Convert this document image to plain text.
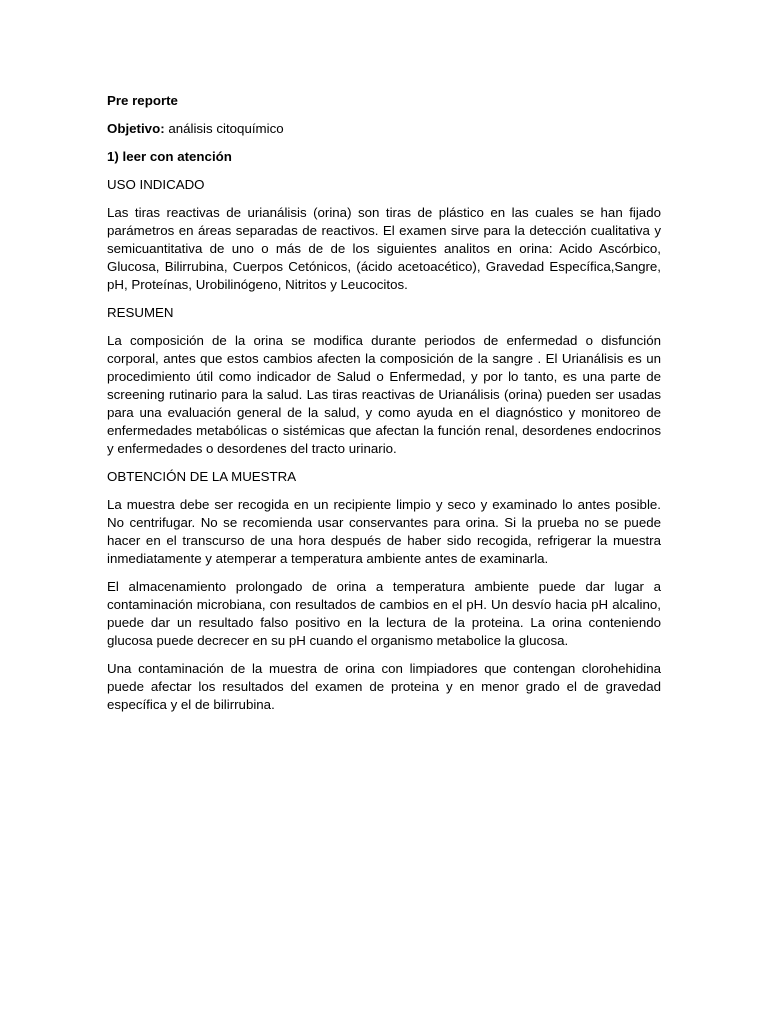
Pre reporte
Objetivo: análisis citoquímico
1) leer con atención
USO INDICADO

Las tiras reactivas de urianálisis (orina) son tiras de plástico en las cuales se han fijado parámetros en áreas separadas de reactivos. El examen sirve para la detección cualitativa y semicuantitativa de uno o más de de los siguientes analitos en orina: Acido Ascórbico, Glucosa, Bilirrubina, Cuerpos Cetónicos, (ácido acetoacético), Gravedad Específica,Sangre, pH, Proteínas, Urobilinógeno, Nitritos y Leucocitos.

RESUMEN

La composición de la orina se modifica durante periodos de enfermedad o disfunción corporal, antes que estos cambios afecten la composición de la sangre . El Urianálisis es un procedimiento útil como indicador de Salud o Enfermedad, y por lo tanto, es una parte de screening rutinario para la salud. Las tiras reactivas de Urianálisis (orina) pueden ser usadas para una evaluación general de la salud, y como ayuda en el diagnóstico y monitoreo de enfermedades metabólicas o sistémicas que afectan la función renal, desordenes endocrinos y enfermedades o desordenes del tracto urinario.

OBTENCIÓN DE LA MUESTRA

La muestra debe ser recogida en un recipiente limpio y seco y examinado lo antes posible. No centrifugar. No se recomienda usar conservantes para orina. Si la prueba no se puede hacer en el transcurso de una hora después de haber sido recogida, refrigerar la muestra inmediatamente y atemperar a temperatura ambiente antes de examinarla.

El almacenamiento prolongado de orina a temperatura ambiente puede dar lugar a contaminación microbiana, con resultados de cambios en el pH. Un desvío hacia pH alcalino, puede dar un resultado falso positivo en la lectura de la proteina. La orina conteniendo glucosa puede decrecer en su pH cuando el organismo metabolice la glucosa.

Una contaminación de la muestra de orina con limpiadores que contengan clorohehidina puede afectar los resultados del examen de proteina y en menor grado el de gravedad específica y el de bilirrubina.
